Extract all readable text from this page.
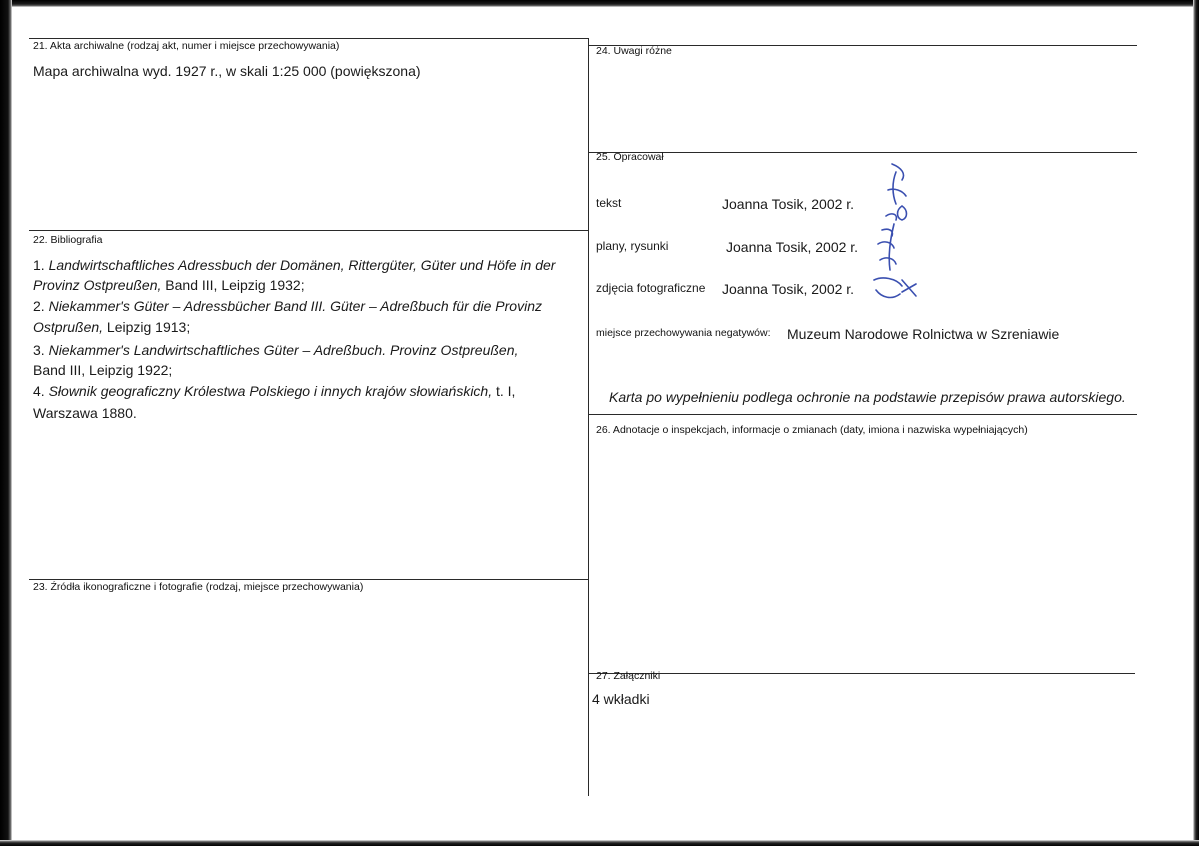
21. Akta archiwalne (rodzaj akt, numer i miejsce przechowywania)
Mapa archiwalna wyd. 1927 r., w skali 1:25 000 (powiększona)
22. Bibliografia
1. Landwirtschaftliches Adressbuch der Domänen, Rittergüter, Güter und Höfe in der
Provinz Ostpreußen, Band III, Leipzig 1932;
2. Niekammer's Güter – Adressbücher Band III. Güter – Adreßbuch für die Provinz
Ostprußen, Leipzig 1913;
3. Niekammer's Landwirtschaftliches Güter – Adreßbuch. Provinz Ostpreußen,
Band III, Leipzig 1922;
4. Słownik geograficzny Królestwa Polskiego i innych krajów słowiańskich, t. I,
Warszawa 1880.
23. Źródła ikonograficzne i fotografie (rodzaj, miejsce przechowywania)
24. Uwagi różne
25. Opracował
tekst	Joanna Tosik, 2002 r.
plany, rysunki	Joanna Tosik, 2002 r.
zdjęcia fotograficzne Joanna Tosik, 2002 r.
miejsce przechowywania negatywów: Muzeum Narodowe Rolnictwa w Szreniawie
Karta po wypełnieniu podlega ochronie na podstawie przepisów prawa autorskiego.
26. Adnotacje o inspekcjach, informacje o zmianach (daty, imiona i nazwiska wypełniających)
27. Załączniki
4 wkładki
